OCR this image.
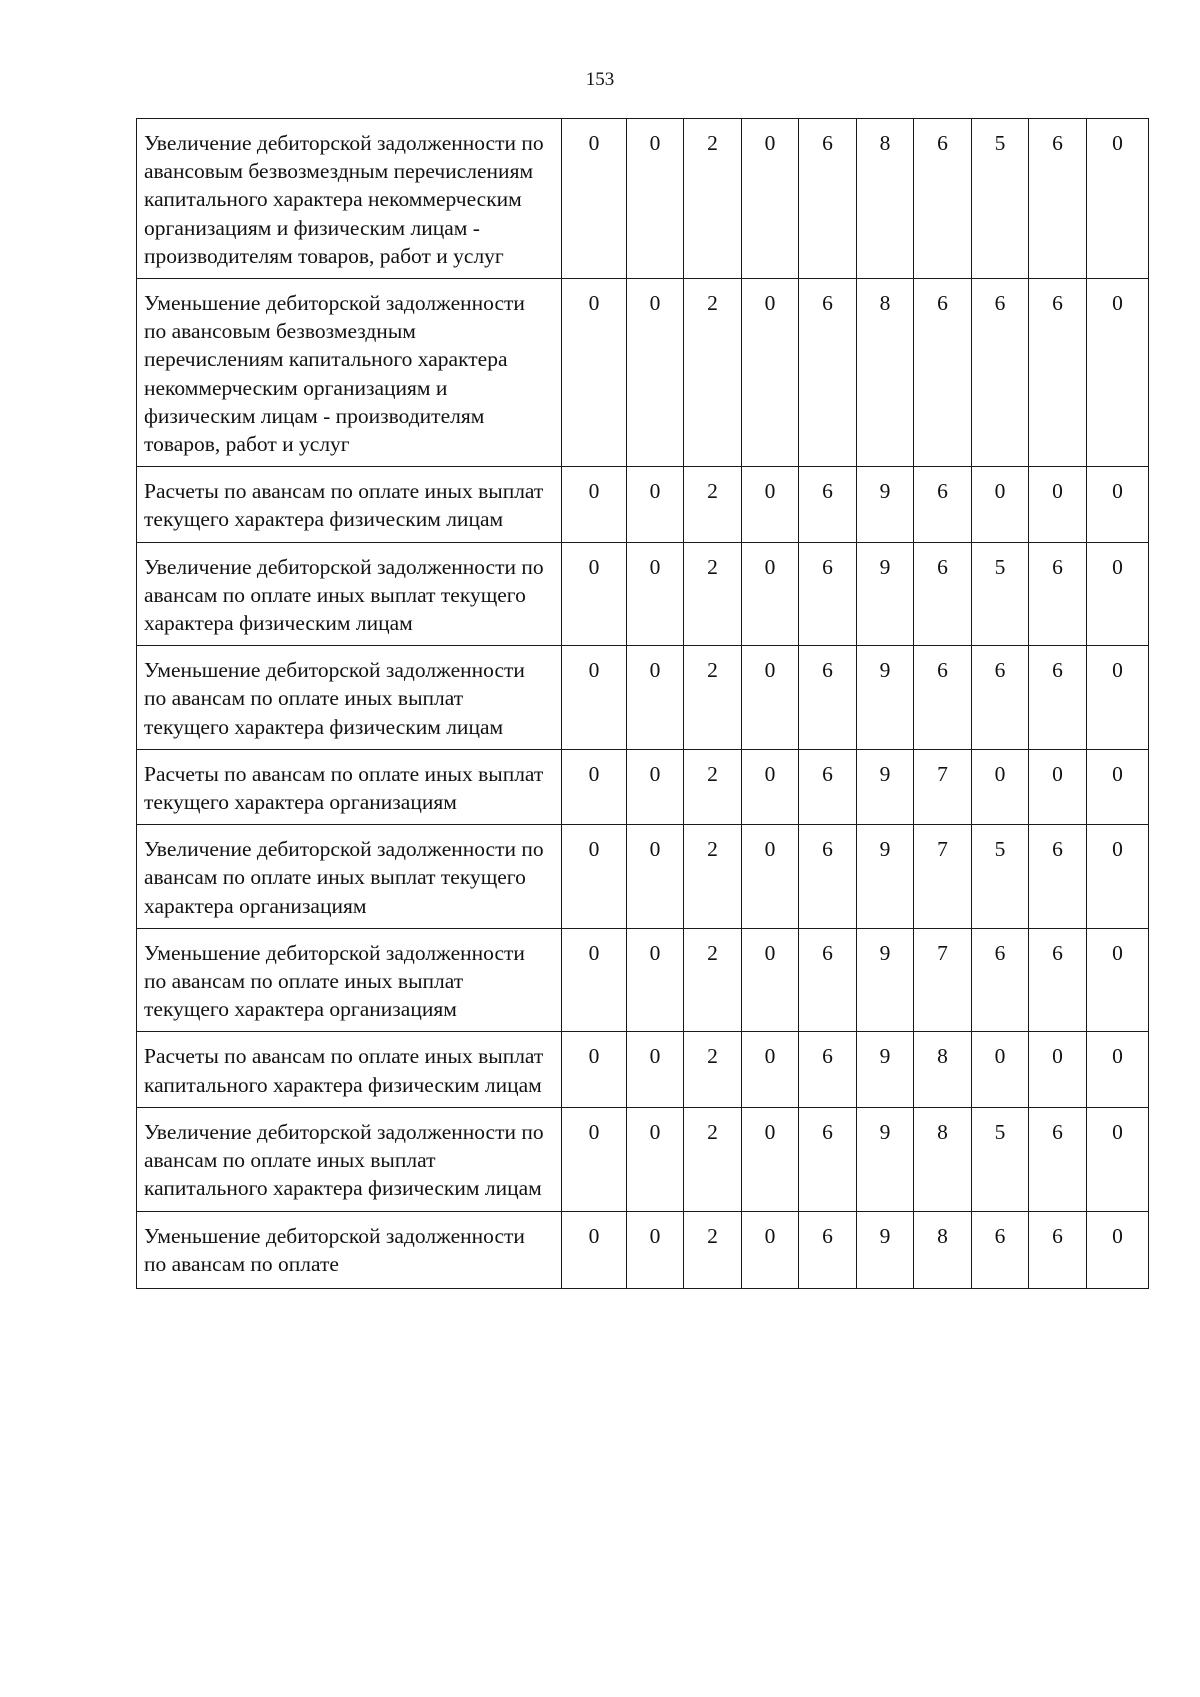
153
Увеличение дебиторской задолженности по авансовым безвозмездным перечислениям капитального характера некоммерческим организациям и физическим лицам - производителям товаров, работ и услуг	0	0	2	0	6	8	6	5	6	0
Уменьшение дебиторской задолженности по авансовым безвозмездным перечислениям капитального характера некоммерческим организациям и физическим лицам - производителям товаров, работ и услуг	0	0	2	0	6	8	6	6	6	0
Расчеты по авансам по оплате иных выплат текущего характера физическим лицам	0	0	2	0	6	9	6	0	0	0
Увеличение дебиторской задолженности по авансам по оплате иных выплат текущего характера физическим лицам	0	0	2	0	6	9	6	5	6	0
Уменьшение дебиторской задолженности по авансам по оплате иных выплат текущего характера физическим лицам	0	0	2	0	6	9	6	6	6	0
Расчеты по авансам по оплате иных выплат текущего характера организациям	0	0	2	0	6	9	7	0	0	0
Увеличение дебиторской задолженности по авансам по оплате иных выплат текущего характера организациям	0	0	2	0	6	9	7	5	6	0
Уменьшение дебиторской задолженности по авансам по оплате иных выплат текущего характера организациям	0	0	2	0	6	9	7	6	6	0
Расчеты по авансам по оплате иных выплат капитального характера физическим лицам	0	0	2	0	6	9	8	0	0	0
Увеличение дебиторской задолженности по авансам по оплате иных выплат капитального характера физическим лицам	0	0	2	0	6	9	8	5	6	0
Уменьшение дебиторской задолженности по авансам по оплате	0	0	2	0	6	9	8	6	6	0
